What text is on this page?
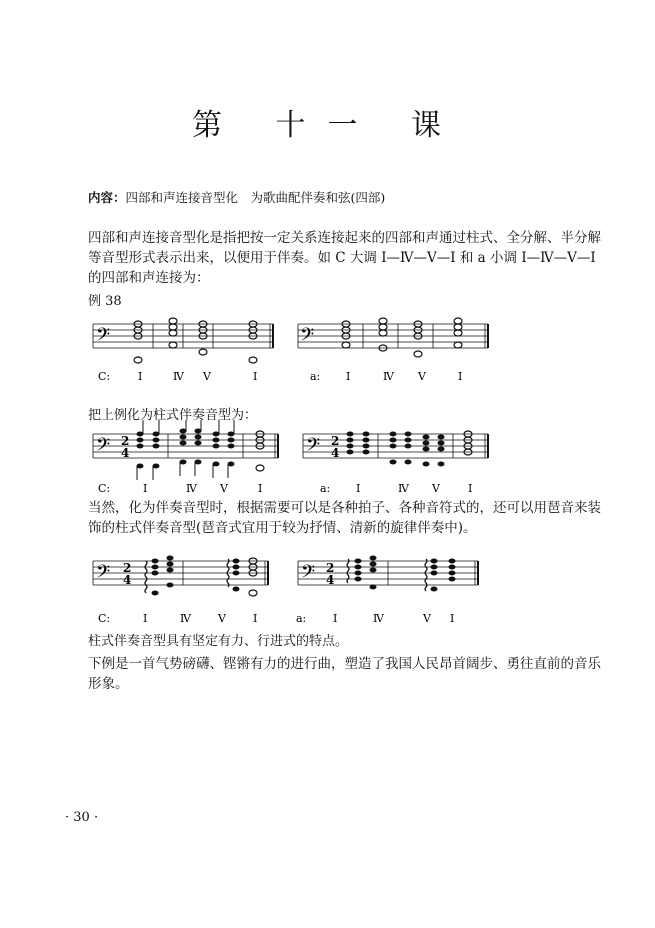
第 十一 课
内容：四部和声连接音型化　为歌曲配伴奏和弦(四部)
四部和声连接音型化是指把按一定关系连接起来的四部和声通过柱式、全分解、半分解等音型形式表示出来，以便用于伴奏。如 C 大调 Ⅰ—Ⅳ—Ⅴ—Ⅰ 和 a 小调 Ⅰ—Ⅳ—Ⅴ—Ⅰ 的四部和声连接为：
例 38
𝄢	𝄢
C:	Ⅰ	Ⅳ Ⅴ	Ⅰ	a: Ⅰ	Ⅳ Ⅴ	Ⅰ
把上例化为柱式伴奏音型为：
𝄢 2
4	𝄢 2
4
C:	Ⅰ	Ⅳ Ⅴ	Ⅰ	a: Ⅰ	Ⅳ Ⅴ	Ⅰ
当然，化为伴奏音型时，根据需要可以是各种拍子、各种音符式的，还可以用琶音来装饰的柱式伴奏音型(琶音式宜用于较为抒情、清新的旋律伴奏中)。
𝄢 2
4	𝄢 2
4
C:	Ⅰ	Ⅳ Ⅴ Ⅰ	a: Ⅰ	Ⅳ	Ⅴ Ⅰ
柱式伴奏音型具有坚定有力、行进式的特点。
下例是一首气势磅礴、铿锵有力的进行曲，塑造了我国人民昂首阔步、勇往直前的音乐形象。
· 30 ·
